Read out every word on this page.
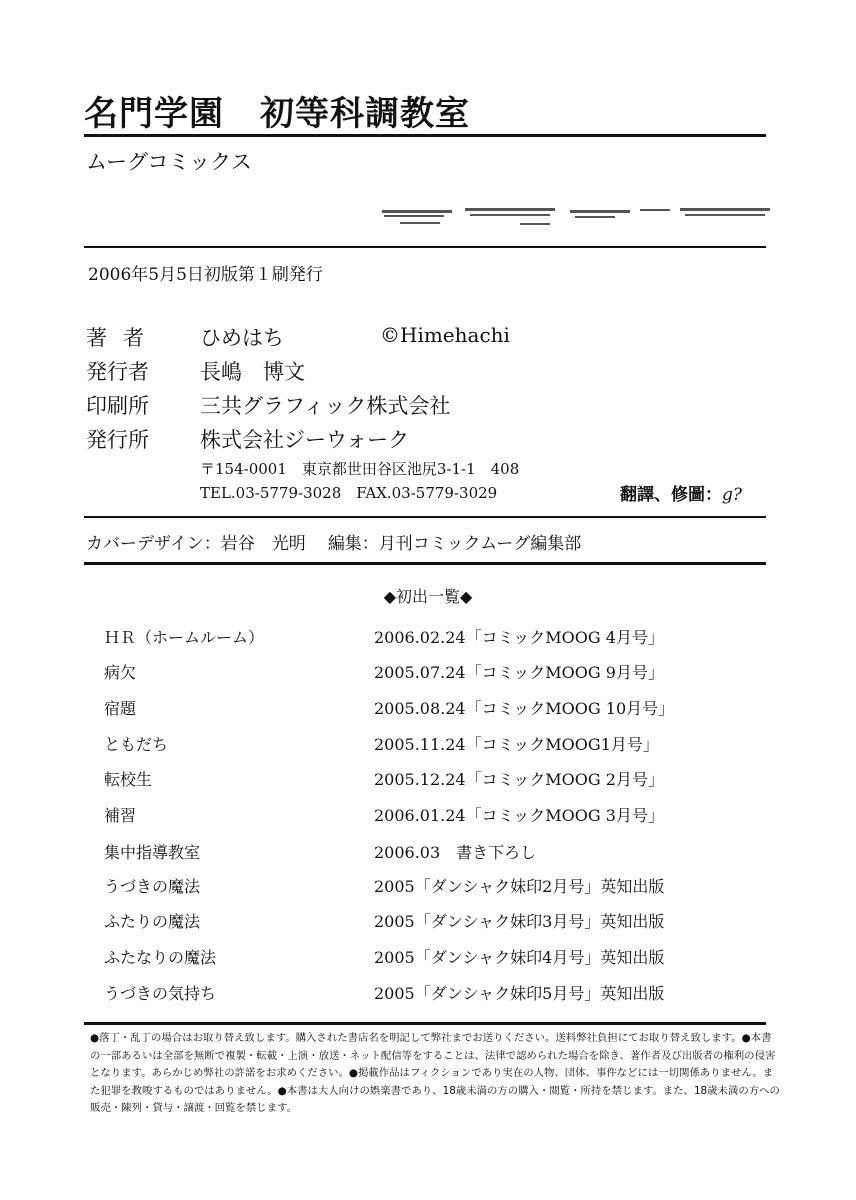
名門学園 初等科調教室
ムーグコミックス
2006年5月5日初版第１刷発行
著者 ひめはち	©Himehachi
発行者 長嶋　博文
印刷所 三共グラフィック株式会社
発行所 株式会社ジーウォーク
〒154-0001　東京都世田谷区池尻3-1-1　408
TEL.03-5779-3028　FAX.03-5779-3029	翻譯、修圖：g?
カバーデザイン：岩谷　光明 編集：月刊コミックムーグ編集部
◆初出一覧◆
ＨＲ（ホームルーム）	2006.02.24「コミックMOOG 4月号」
病欠	2005.07.24「コミックMOOG 9月号」
宿題	2005.08.24「コミックMOOG 10月号」
ともだち	2005.11.24「コミックMOOG1月号」
転校生	2005.12.24「コミックMOOG 2月号」
補習	2006.01.24「コミックMOOG 3月号」
集中指導教室	2006.03　書き下ろし
うづきの魔法	2005「ダンシャク妹印2月号」英知出版
ふたりの魔法	2005「ダンシャク妹印3月号」英知出版
ふたなりの魔法	2005「ダンシャク妹印4月号」英知出版
うづきの気持ち	2005「ダンシャク妹印5月号」英知出版
●落丁・乱丁の場合はお取り替え致します。購入された書店名を明記して弊社までお送りください。送料弊社負担にてお取り替え致します。●本書の一部あるいは全部を無断で複製・転載・上演・放送・ネット配信等をすることは、法律で認められた場合を除き、著作者及び出版者の権利の侵害となります。あらかじめ弊社の許諾をお求めください。●掲載作品はフィクションであり実在の人物、団体、事件などには一切関係ありません。また犯罪を教唆するものではありません。●本書は大人向けの娯楽書であり、18歳未満の方の購入・閲覧・所持を禁じます。また、18歳未満の方への販売・陳列・貸与・譲渡・回覧を禁じます。
